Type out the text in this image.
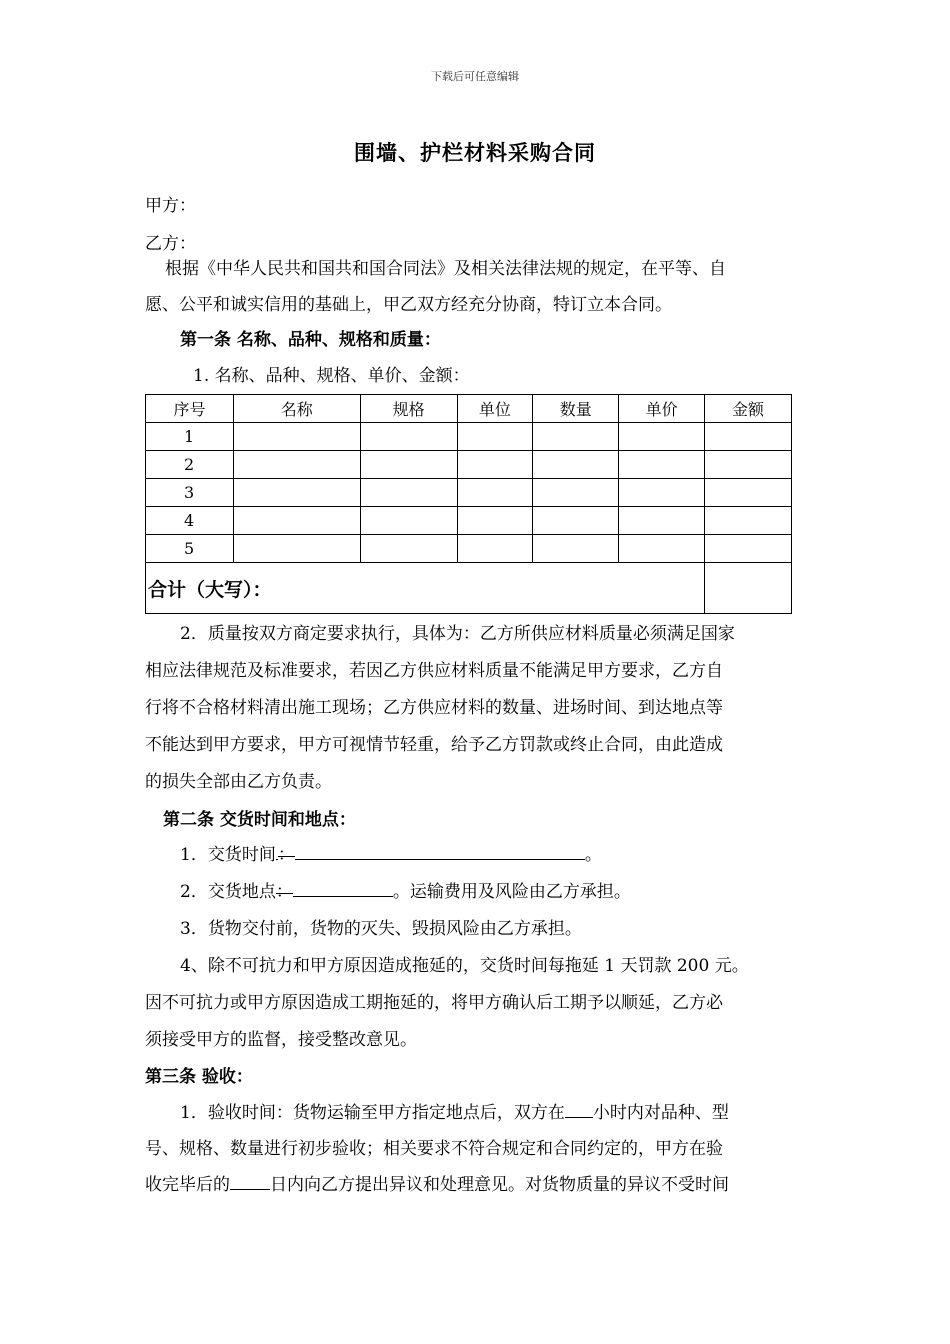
下载后可任意编辑
围墙、护栏材料采购合同
甲方：
乙方：
根据《中华人民共和国共和国合同法》及相关法律法规的规定，在平等、自
愿、公平和诚实信用的基础上，甲乙双方经充分协商，特订立本合同。
第一条 名称、品种、规格和质量：
1. 名称、品种、规格、单价、金额：
序号	名称	规格	单位	数量	单价	金额
1						
2						
3						
4						
5						
合计（大写）：						
2．质量按双方商定要求执行，具体为：乙方所供应材料质量必须满足国家
相应法律规范及标准要求，若因乙方供应材料质量不能满足甲方要求，乙方自
行将不合格材料清出施工现场；乙方供应材料的数量、进场时间、到达地点等
不能达到甲方要求，甲方可视情节轻重，给予乙方罚款或终止合同，由此造成
的损失全部由乙方负责。
第二条 交货时间和地点：
1．交货时间 ：	。
2．交货地点：	。运输费用及风险由乙方承担。
3．货物交付前，货物的灭失、毁损风险由乙方承担。
4、除不可抗力和甲方原因造成拖延的，交货时间每拖延 1 天罚款 200 元。
因不可抗力或甲方原因造成工期拖延的，将甲方确认后工期予以顺延，乙方必
须接受甲方的监督，接受整改意见。
第三条 验收：
1．验收时间：货物运输至甲方指定地点后，双方在 小时内对品种、型
号、规格、数量进行初步验收；相关要求不符合规定和合同约定的，甲方在验
收完毕后的 日内向乙方提出异议和处理意见。对货物质量的异议不受时间
